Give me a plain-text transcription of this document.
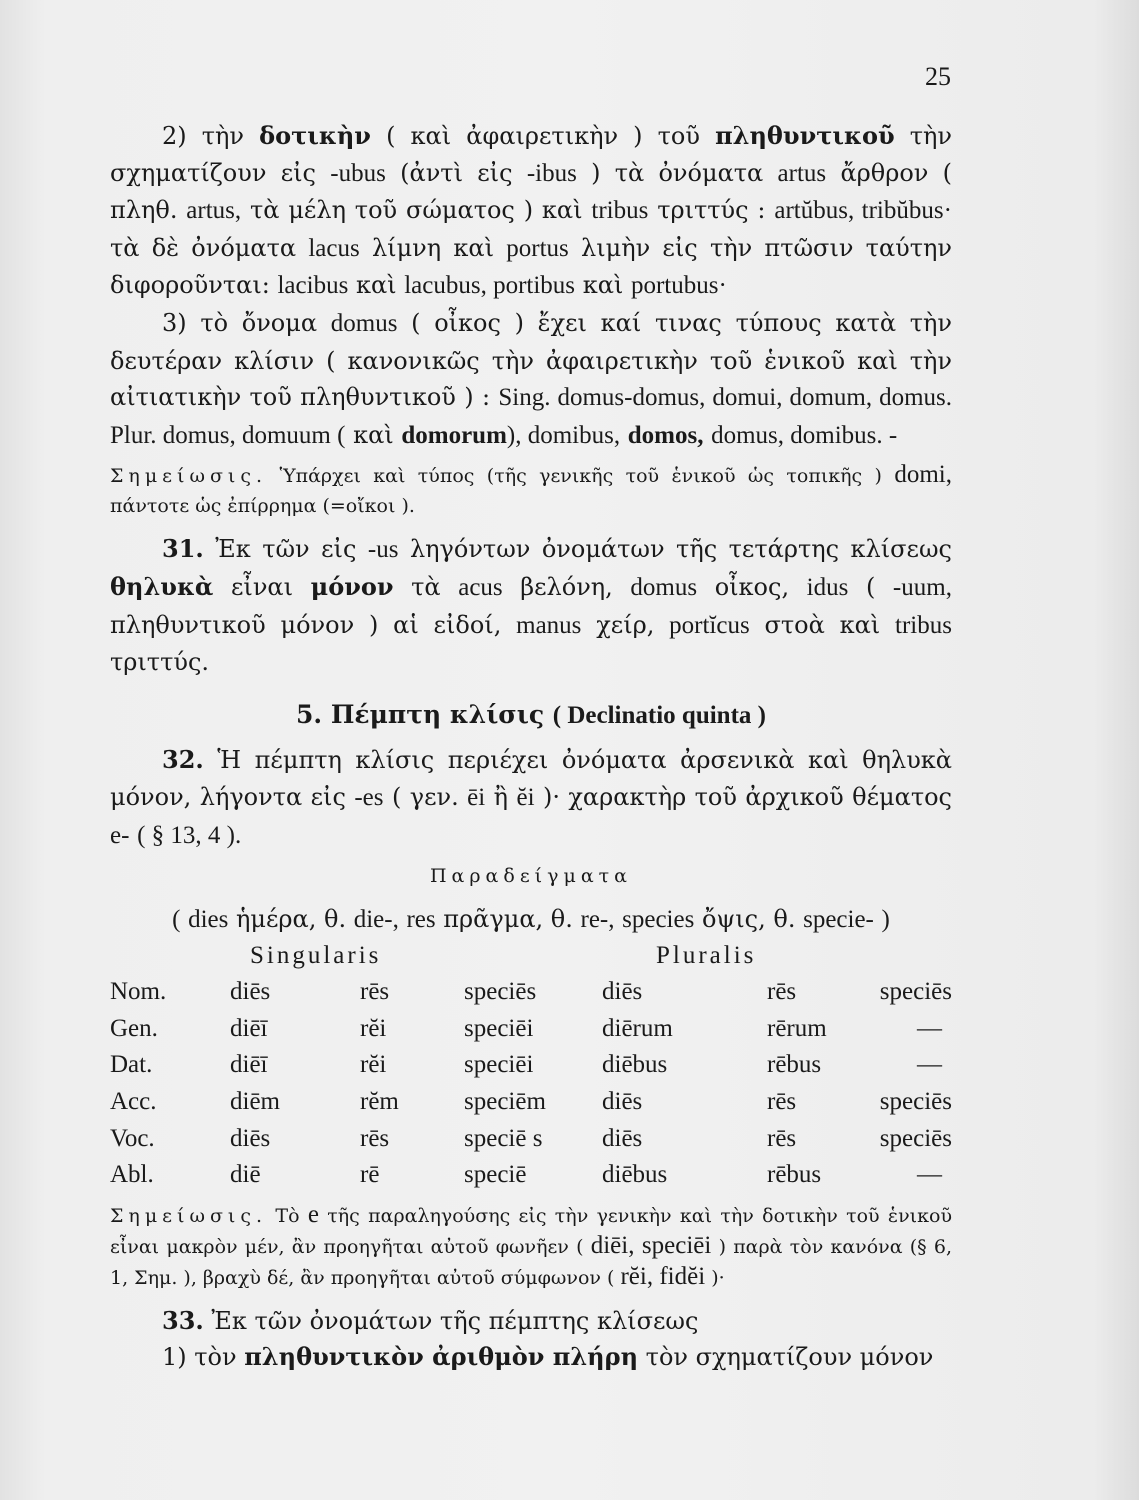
25

2) τὴν δοτικὴν ( καὶ ἀφαιρετικὴν ) τοῦ πληθυντικοῦ τὴν σχηματίζουν εἰς -ubus (ἀντὶ εἰς -ibus ) τὰ ὀνόματα artus ἄρθρον ( πληθ. artus, τὰ μέλη τοῦ σώματος ) καὶ tribus τριττύς : artŭbus, tribŭbus· τὰ δὲ ὀνόματα lacus λίμνη καὶ portus λιμὴν εἰς τὴν πτῶσιν ταύτην διφοροῦνται: lacibus καὶ lacubus, portibus καὶ portubus·

3) τὸ ὄνομα domus ( οἶκος ) ἔχει καί τινας τύπους κατὰ τὴν δευτέραν κλίσιν ( κανονικῶς τὴν ἀφαιρετικὴν τοῦ ἑνικοῦ καὶ τὴν αἰτιατικὴν τοῦ πληθυντικοῦ ) : Sing. domus-domus, domui, domum, domus. Plur. domus, domuum ( καὶ domorum), domibus, domos, domus, domibus. -

Σημείωσις. Ὑπάρχει καὶ τύπος (τῆς γενικῆς τοῦ ἑνικοῦ ὡς τοπικῆς ) domi, πάντοτε ὡς ἐπίρρημα (=οἴκοι ).

31. Ἐκ τῶν εἰς -us ληγόντων ὀνομάτων τῆς τετάρτης κλίσεως θηλυκὰ εἶναι μόνον τὰ acus βελόνη, domus οἶκος, idus ( -uum, πληθυντικοῦ μόνον ) αἱ εἰδοί, manus χείρ, portĭcus στοὰ καὶ tribus τριττύς.

5. Πέμπτη κλίσις ( Declinatio quinta )

32. Ἡ πέμπτη κλίσις περιέχει ὀνόματα ἀρσενικὰ καὶ θηλυκὰ μόνον, λήγοντα εἰς -es ( γεν. ēi ἢ ĕi )· χαρακτὴρ τοῦ ἀρχικοῦ θέματος e- ( § 13, 4 ).

Παραδείγματα

( dies ἡμέρα, θ. die-, res πρᾶγμα, θ. re-, species ὄψις, θ. specie- )

Singularis	Pluralis
Nom.	diēs	rēs	speciēs	diēs	rēs	speciēs
Gen.	diēī	rĕi	speciēi	diērum	rērum	—
Dat.	diēī	rĕi	speciēi	diēbus	rēbus	—
Acc.	diēm	rĕm	speciēm	diēs	rēs	speciēs
Voc.	diēs	rēs	speciē s	diēs	rēs	speciēs
Abl.	diē	rē	speciē	diēbus	rēbus	—

Σημείωσις. Τὸ e τῆς παραληγούσης εἰς τὴν γενικὴν καὶ τὴν δοτικὴν τοῦ ἑνικοῦ εἶναι μακρὸν μέν, ἂν προηγῆται αὐτοῦ φωνῆεν ( diēi, speciēi ) παρὰ τὸν κανόνα (§ 6, 1, Σημ. ), βραχὺ δέ, ἂν προηγῆται αὐτοῦ σύμφωνον ( rĕi, fidĕi )·

33. Ἐκ τῶν ὀνομάτων τῆς πέμπτης κλίσεως

1) τὸν πληθυντικὸν ἀριθμὸν πλήρη τὸν σχηματίζουν μόνον
